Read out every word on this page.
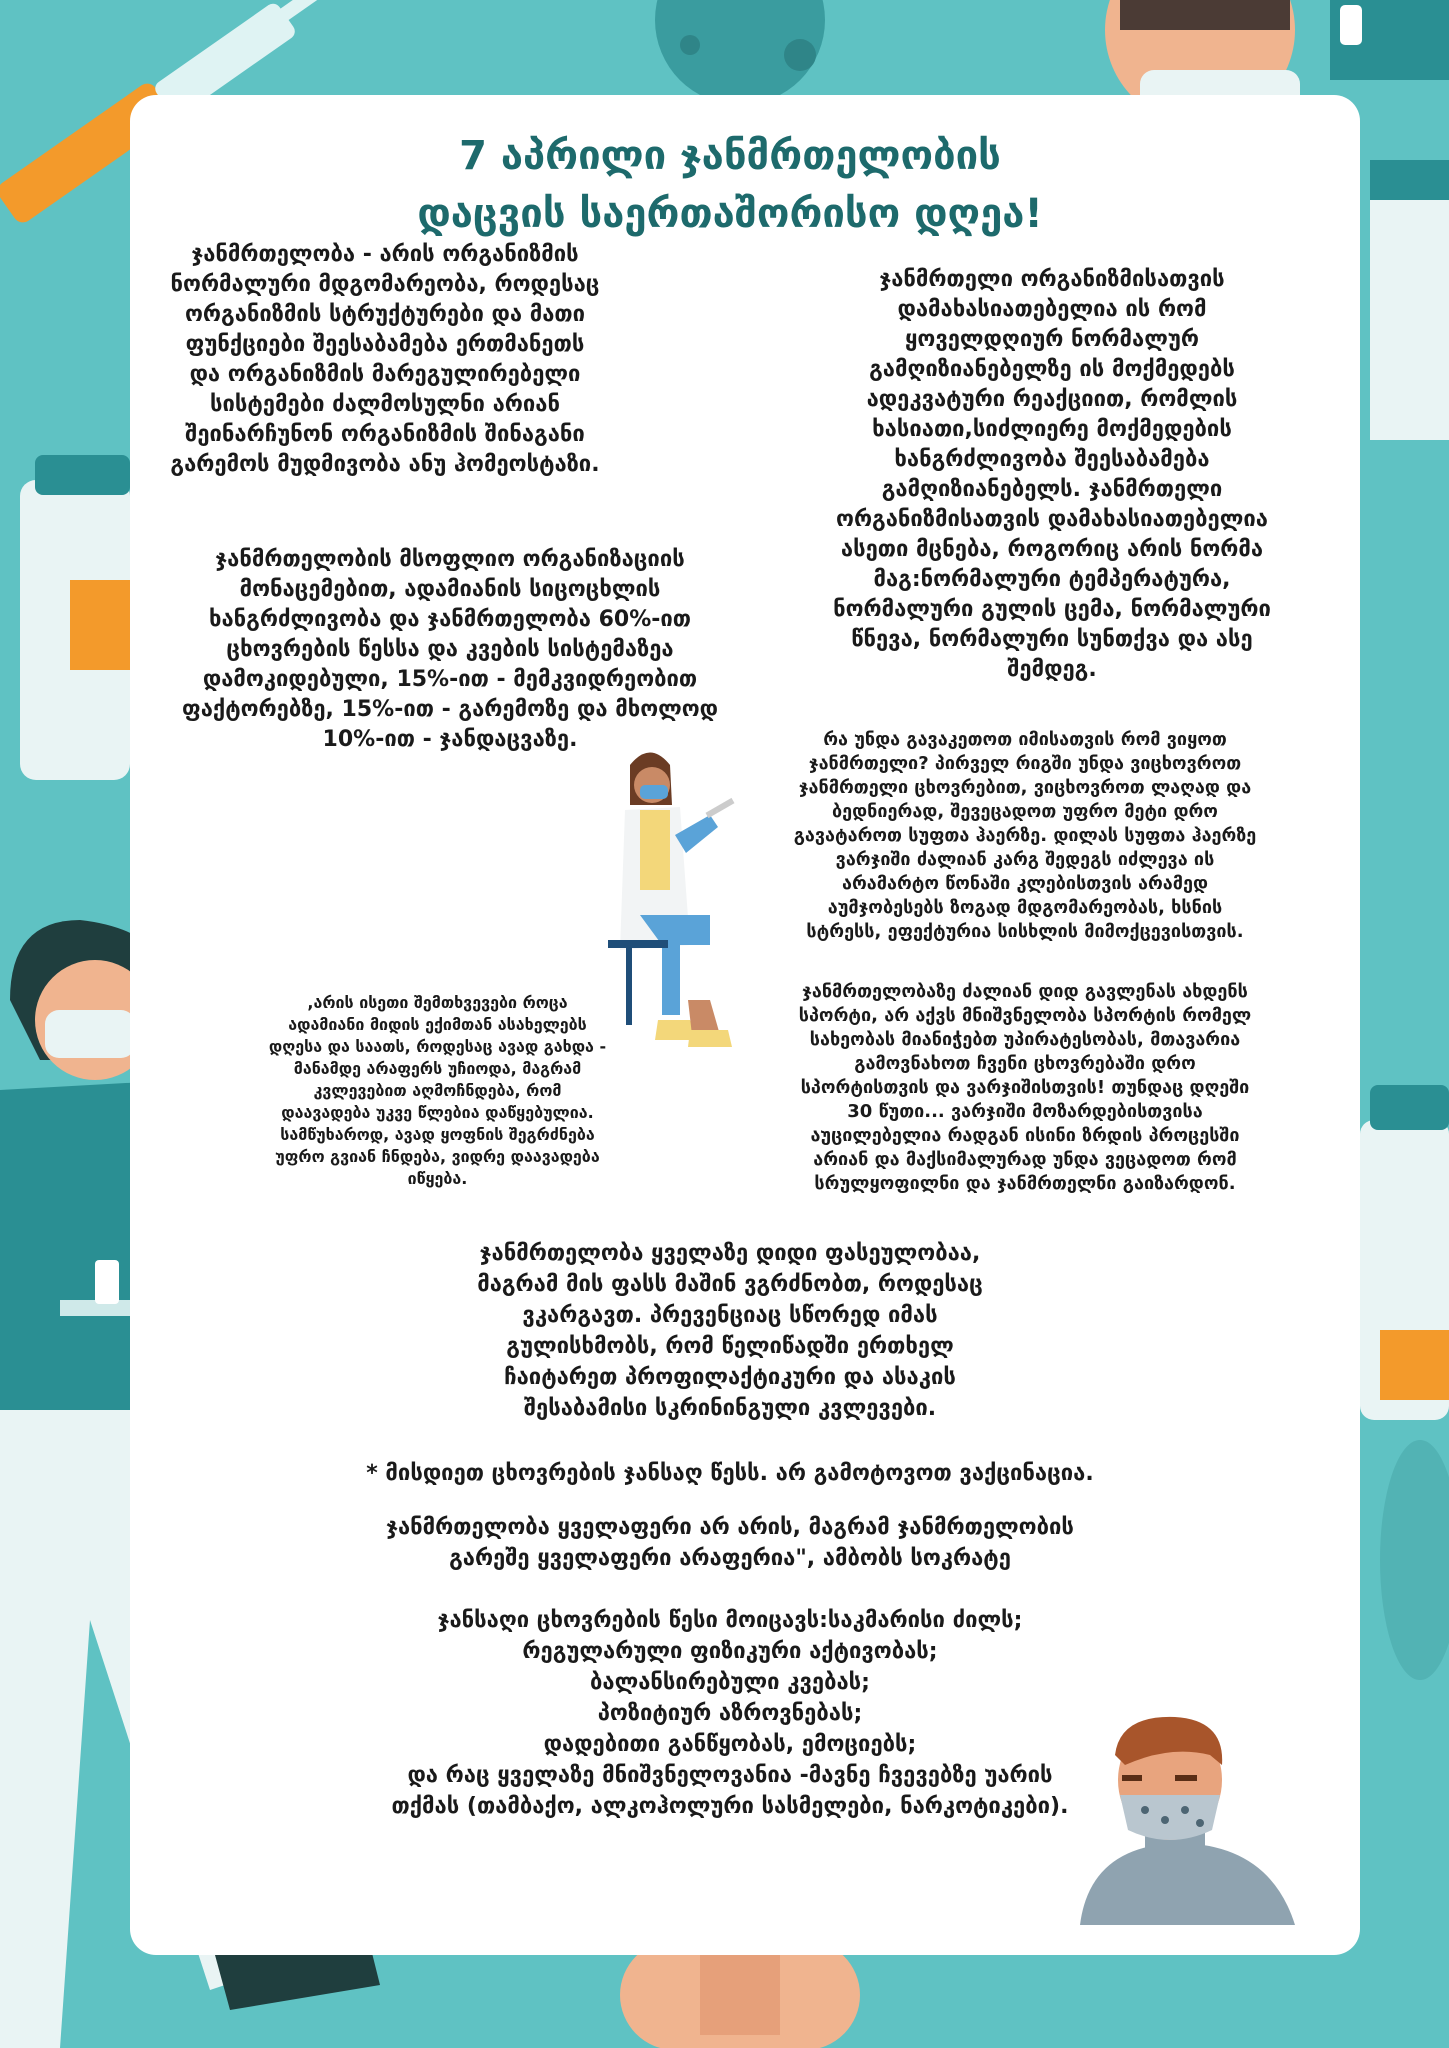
7 აპრილი ჯანმრთელობის
დაცვის საერთაშორისო დღეა!

ჯანმრთელობა - არის ორგანიზმის
ნორმალური მდგომარეობა, როდესაც
ორგანიზმის სტრუქტურები და მათი
ფუნქციები შეესაბამება ერთმანეთს
და ორგანიზმის მარეგულირებელი
სისტემები ძალმოსულნი არიან
შეინარჩუნონ ორგანიზმის შინაგანი
გარემოს მუდმივობა ანუ ჰომეოსტაზი.

ჯანმრთელი ორგანიზმისათვის
დამახასიათებელია ის რომ
ყოველდღიურ ნორმალურ
გამღიზიანებელზე ის მოქმედებს
ადეკვატური რეაქციით, რომლის
ხასიათი,სიძლიერე მოქმედების
ხანგრძლივობა შეესაბამება
გამღიზიანებელს. ჯანმრთელი
ორგანიზმისათვის დამახასიათებელია
ასეთი მცნება, როგორიც არის ნორმა
მაგ:ნორმალური ტემპერატურა,
ნორმალური გულის ცემა, ნორმალური
წნევა, ნორმალური სუნთქვა და ასე
შემდეგ.

ჯანმრთელობის მსოფლიო ორგანიზაციის
მონაცემებით, ადამიანის სიცოცხლის
ხანგრძლივობა და ჯანმრთელობა 60%-ით
ცხოვრების წესსა და კვების სისტემაზეა
დამოკიდებული, 15%-ით - მემკვიდრეობით
ფაქტორებზე, 15%-ით - გარემოზე და მხოლოდ
10%-ით - ჯანდაცვაზე.	რა უნდა გავაკეთოთ იმისათვის რომ ვიყოთ
ჯანმრთელი? პირველ რიგში უნდა ვიცხოვროთ
ჯანმრთელი ცხოვრებით, ვიცხოვროთ ლაღად და
ბედნიერად, შევეცადოთ უფრო მეტი დრო
გავატაროთ სუფთა ჰაერზე. დილას სუფთა ჰაერზე
ვარჯიში ძალიან კარგ შედეგს იძლევა ის
არამარტო წონაში კლებისთვის არამედ
აუმჯობესებს ზოგად მდგომარეობას, ხსნის
სტრესს, ეფექტურია სისხლის მიმოქცევისთვის.

,არის ისეთი შემთხვევები როცა
ადამიანი მიდის ექიმთან ასახელებს
დღესა და საათს, როდესაც ავად გახდა -
მანამდე არაფერს უჩიოდა, მაგრამ
კვლევებით აღმოჩნდება, რომ
დაავადება უკვე წლებია დაწყებულია.
სამწუხაროდ, ავად ყოფნის შეგრძნება
უფრო გვიან ჩნდება, ვიდრე დაავადება
იწყება.

ჯანმრთელობაზე ძალიან დიდ გავლენას ახდენს
სპორტი, არ აქვს მნიშვნელობა სპორტის რომელ
სახეობას მიანიჭებთ უპირატესობას, მთავარია
გამოვნახოთ ჩვენი ცხოვრებაში დრო
სპორტისთვის და ვარჯიშისთვის! თუნდაც დღეში
30 წუთი... ვარჯიში მოზარდებისთვისა
აუცილებელია რადგან ისინი ზრდის პროცესში
არიან და მაქსიმალურად უნდა ვეცადოთ რომ
სრულყოფილნი და ჯანმრთელნი გაიზარდონ.

ჯანმრთელობა ყველაზე დიდი ფასეულობაა,
მაგრამ მის ფასს მაშინ ვგრძნობთ, როდესაც
ვკარგავთ. პრევენციაც სწორედ იმას
გულისხმობს, რომ წელიწადში ერთხელ
ჩაიტარეთ პროფილაქტიკური და ასაკის
შესაბამისი სკრინინგული კვლევები.

* მისდიეთ ცხოვრების ჯანსაღ წესს. არ გამოტოვოთ ვაქცინაცია.

ჯანმრთელობა ყველაფერი არ არის, მაგრამ ჯანმრთელობის
გარეშე ყველაფერი არაფერია", ამბობს სოკრატე

ჯანსაღი ცხოვრების წესი მოიცავს:საკმარისი ძილს;
რეგულარული ფიზიკური აქტივობას;
ბალანსირებული კვებას;
პოზიტიურ აზროვნებას;
დადებითი განწყობას, ემოციებს;
და რაც ყველაზე მნიშვნელოვანია -მავნე ჩვევებზე უარის
თქმას (თამბაქო, ალკოჰოლური სასმელები, ნარკოტიკები).
